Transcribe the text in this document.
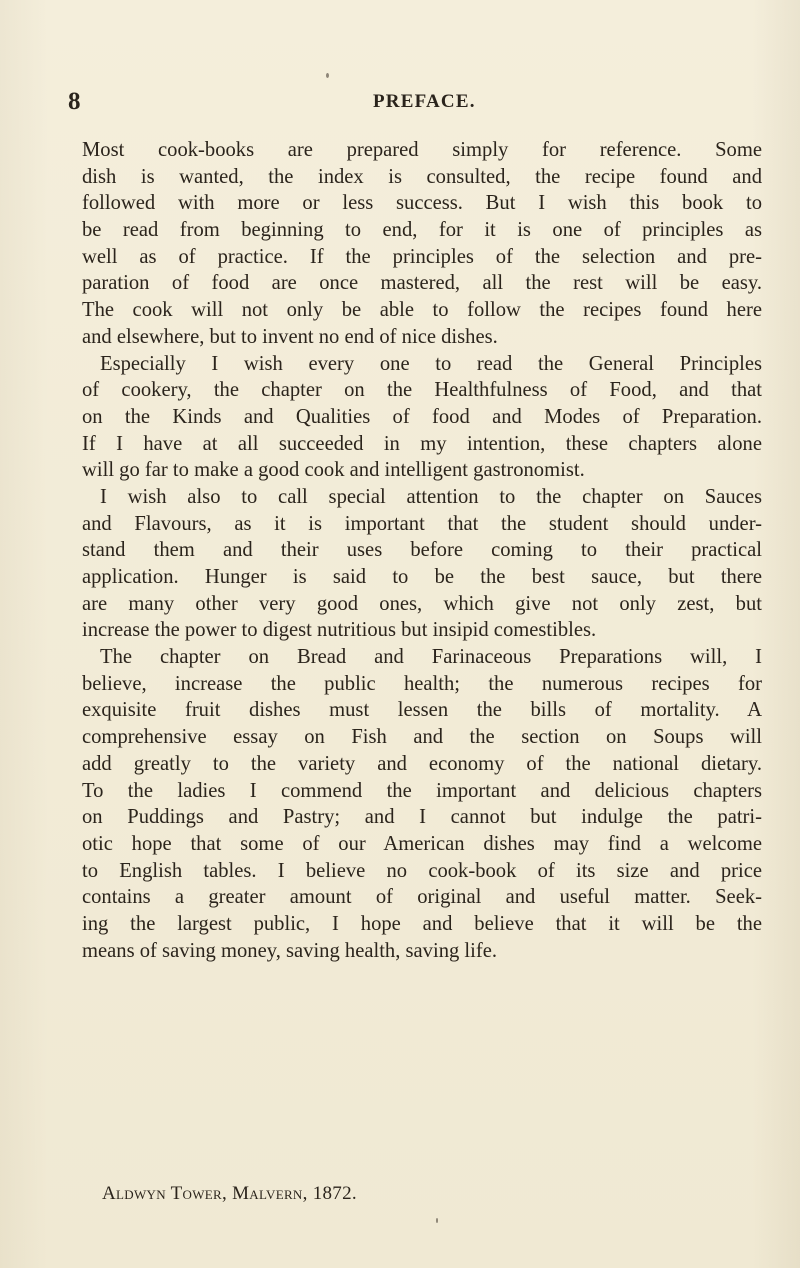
8	PREFACE.
Most cook-books are prepared simply for reference. Some
dish is wanted, the index is consulted, the recipe found and
followed with more or less success. But I wish this book to
be read from beginning to end, for it is one of principles as
well as of practice. If the principles of the selection and pre-
paration of food are once mastered, all the rest will be easy.
The cook will not only be able to follow the recipes found here
and elsewhere, but to invent no end of nice dishes.
Especially I wish every one to read the General Principles
of cookery, the chapter on the Healthfulness of Food, and that
on the Kinds and Qualities of food and Modes of Preparation.
If I have at all succeeded in my intention, these chapters alone
will go far to make a good cook and intelligent gastronomist.
I wish also to call special attention to the chapter on Sauces
and Flavours, as it is important that the student should under-
stand them and their uses before coming to their practical
application. Hunger is said to be the best sauce, but there
are many other very good ones, which give not only zest, but
increase the power to digest nutritious but insipid comestibles.
The chapter on Bread and Farinaceous Preparations will, I
believe, increase the public health; the numerous recipes for
exquisite fruit dishes must lessen the bills of mortality. A
comprehensive essay on Fish and the section on Soups will
add greatly to the variety and economy of the national dietary.
To the ladies I commend the important and delicious chapters
on Puddings and Pastry; and I cannot but indulge the patri-
otic hope that some of our American dishes may find a welcome
to English tables. I believe no cook-book of its size and price
contains a greater amount of original and useful matter. Seek-
ing the largest public, I hope and believe that it will be the
means of saving money, saving health, saving life.
Aldwyn Tower, Malvern, 1872.
